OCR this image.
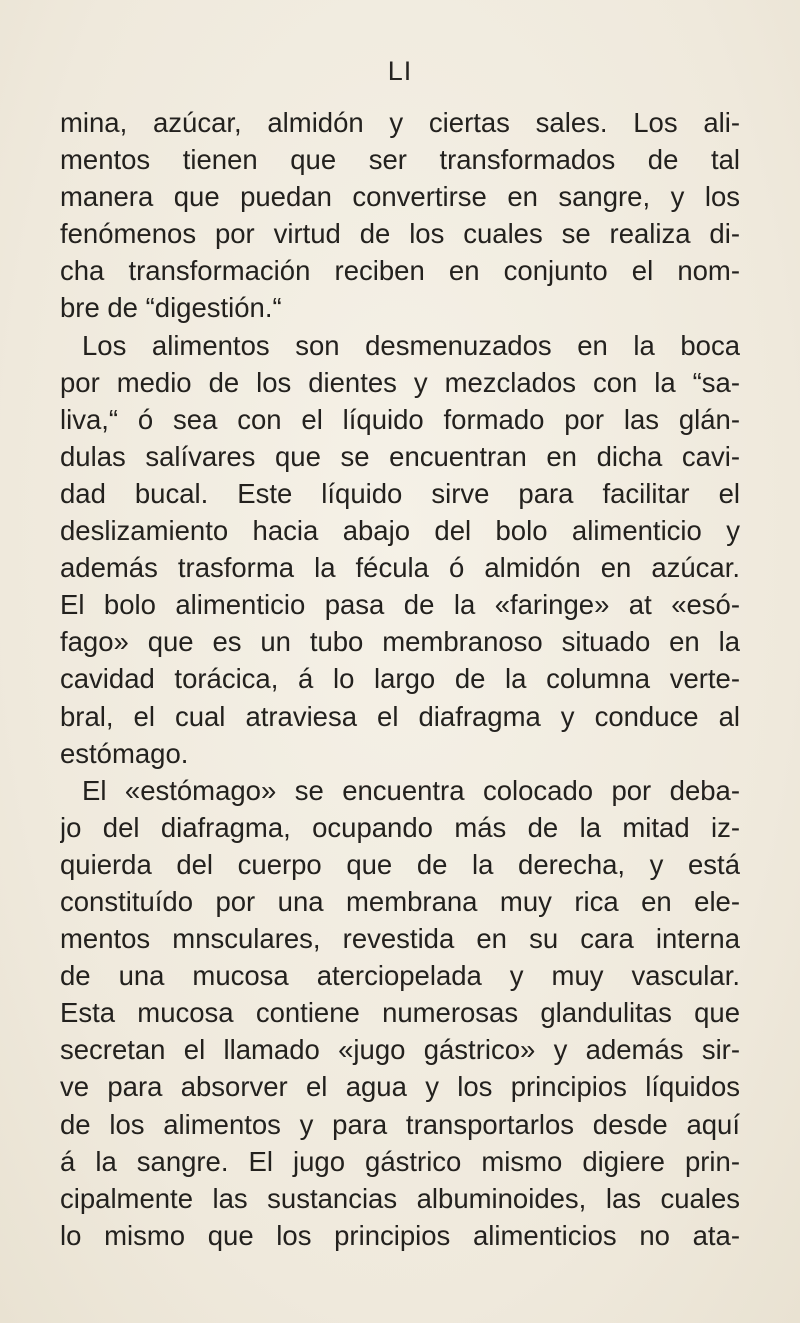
LI
mina, azúcar, almidón y ciertas sales. Los ali-
mentos tienen que ser transformados de tal
manera que puedan convertirse en sangre, y los
fenómenos por virtud de los cuales se realiza di-
cha transformación reciben en conjunto el nom-
bre de “digestión.“
Los alimentos son desmenuzados en la boca
por medio de los dientes y mezclados con la “sa-
liva,“ ó sea con el líquido formado por las glán-
dulas salívares que se encuentran en dicha cavi-
dad bucal. Este líquido sirve para facilitar el
deslizamiento hacia abajo del bolo alimenticio y
además trasforma la fécula ó almidón en azúcar.
El bolo alimenticio pasa de la «faringe» at «esó-
fago» que es un tubo membranoso situado en la
cavidad torácica, á lo largo de la columna verte-
bral, el cual atraviesa el diafragma y conduce al
estómago.
El «estómago» se encuentra colocado por deba-
jo del diafragma, ocupando más de la mitad iz-
quierda del cuerpo que de la derecha, y está
constituído por una membrana muy rica en ele-
mentos mnsculares, revestida en su cara interna
de una mucosa aterciopelada y muy vascular.
Esta mucosa contiene numerosas glandulitas que
secretan el llamado «jugo gástrico» y además sir-
ve para absorver el agua y los principios líquidos
de los alimentos y para transportarlos desde aquí
á la sangre. El jugo gástrico mismo digiere prin-
cipalmente las sustancias albuminoides, las cuales
lo mismo que los principios alimenticios no ata-
